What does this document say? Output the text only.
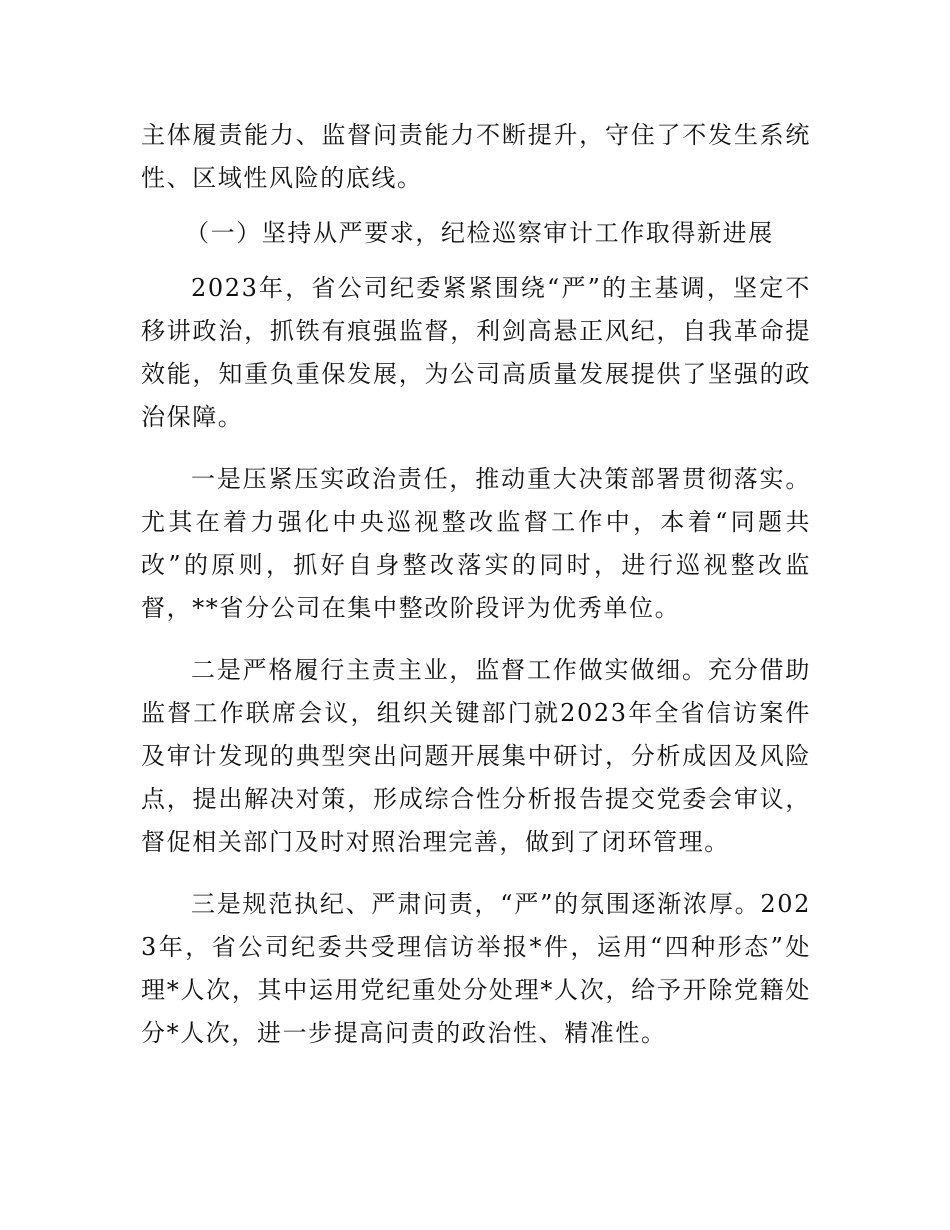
主体履责能力、监督问责能力不断提升，守住了不发生系统性、区域性风险的底线。

（一）坚持从严要求，纪检巡察审计工作取得新进展

2023年，省公司纪委紧紧围绕“严”的主基调，坚定不移讲政治，抓铁有痕强监督，利剑高悬正风纪，自我革命提效能，知重负重保发展，为公司高质量发展提供了坚强的政治保障。

一是压紧压实政治责任，推动重大决策部署贯彻落实。尤其在着力强化中央巡视整改监督工作中，本着“同题共改”的原则，抓好自身整改落实的同时，进行巡视整改监督，**省分公司在集中整改阶段评为优秀单位。

二是严格履行主责主业，监督工作做实做细。充分借助监督工作联席会议，组织关键部门就2023年全省信访案件及审计发现的典型突出问题开展集中研讨，分析成因及风险点，提出解决对策，形成综合性分析报告提交党委会审议，督促相关部门及时对照治理完善，做到了闭环管理。

三是规范执纪、严肃问责，“严”的氛围逐渐浓厚。2023年，省公司纪委共受理信访举报*件，运用“四种形态”处理*人次，其中运用党纪重处分处理*人次，给予开除党籍处分*人次，进一步提高问责的政治性、精准性。
